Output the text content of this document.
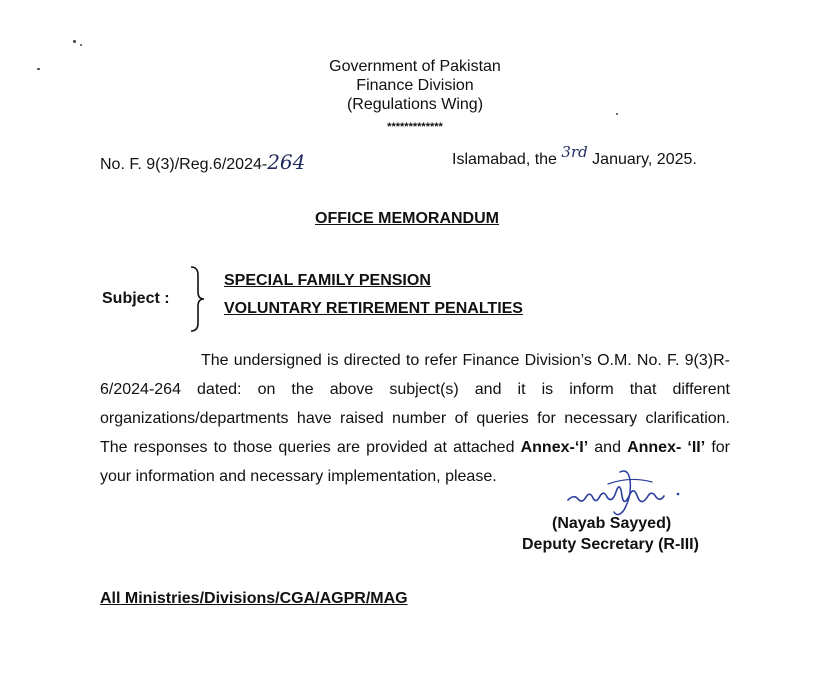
Government of Pakistan
Finance Division
(Regulations Wing)
*************
No. F. 9(3)/Reg.6/2024-264	Islamabad, the 3rd January, 2025.
OFFICE MEMORANDUM
Subject :
SPECIAL FAMILY PENSION
VOLUNTARY RETIREMENT PENALTIES
The undersigned is directed to refer Finance Division’s O.M. No. F. 9(3)R-6/2024-264 dated: on the above subject(s) and it is inform that different organizations/departments have raised number of queries for necessary clarification. The responses to those queries are provided at attached Annex-‘I’ and Annex- ‘II’ for your information and necessary implementation, please.
(Nayab Sayyed)
Deputy Secretary (R-III)
All Ministries/Divisions/CGA/AGPR/MAG
